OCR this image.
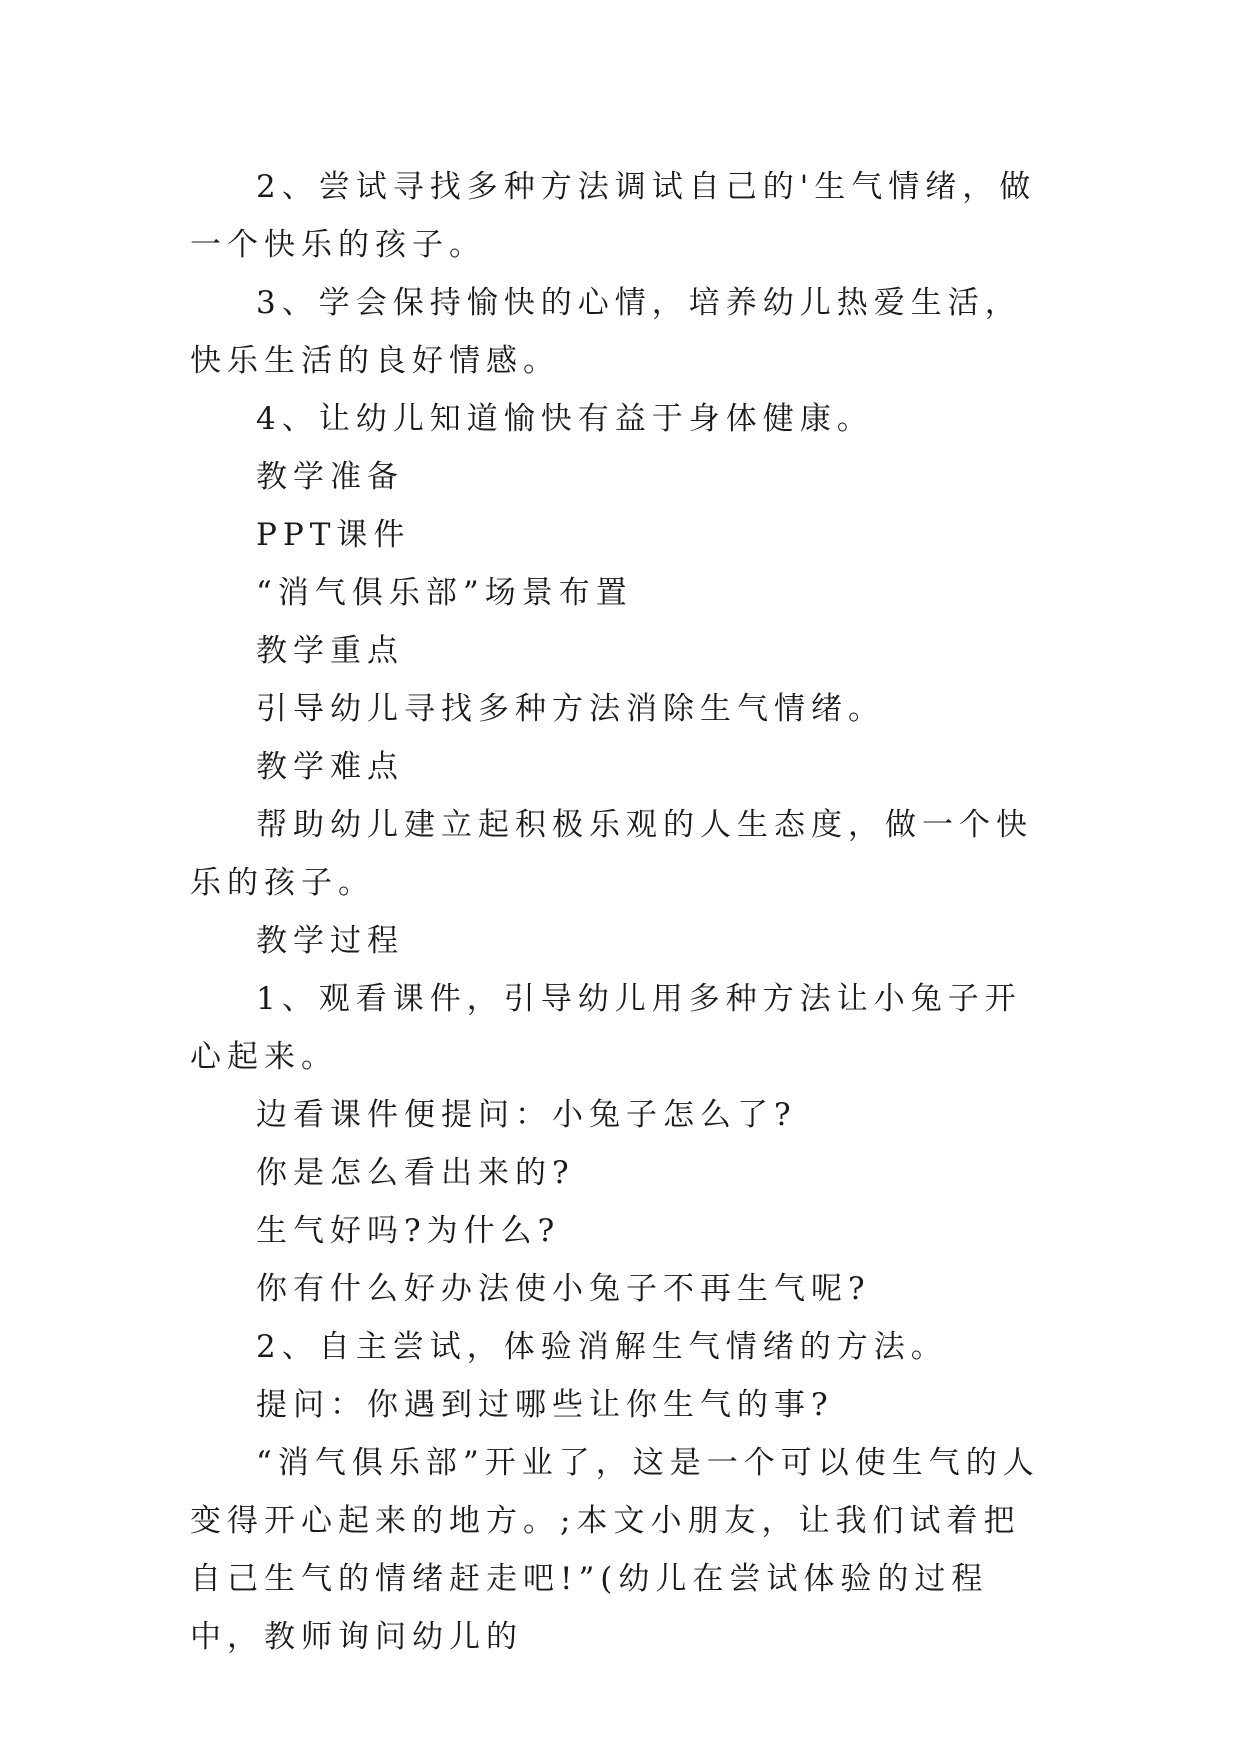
2、尝试寻找多种方法调试自己的'生气情绪，做一个快乐的孩子。

3、学会保持愉快的心情，培养幼儿热爱生活，快乐生活的良好情感。

4、让幼儿知道愉快有益于身体健康。

教学准备

PPT课件

“消气俱乐部”场景布置

教学重点

引导幼儿寻找多种方法消除生气情绪。

教学难点

帮助幼儿建立起积极乐观的人生态度，做一个快乐的孩子。

教学过程

1、观看课件，引导幼儿用多种方法让小兔子开心起来。

边看课件便提问：小兔子怎么了?

你是怎么看出来的?

生气好吗?为什么?

你有什么好办法使小兔子不再生气呢?

2、自主尝试，体验消解生气情绪的方法。

提问：你遇到过哪些让你生气的事?

“消气俱乐部”开业了，这是一个可以使生气的人变得开心起来的地方。;本文小朋友，让我们试着把自己生气的情绪赶走吧!”(幼儿在尝试体验的过程中，教师询问幼儿的
